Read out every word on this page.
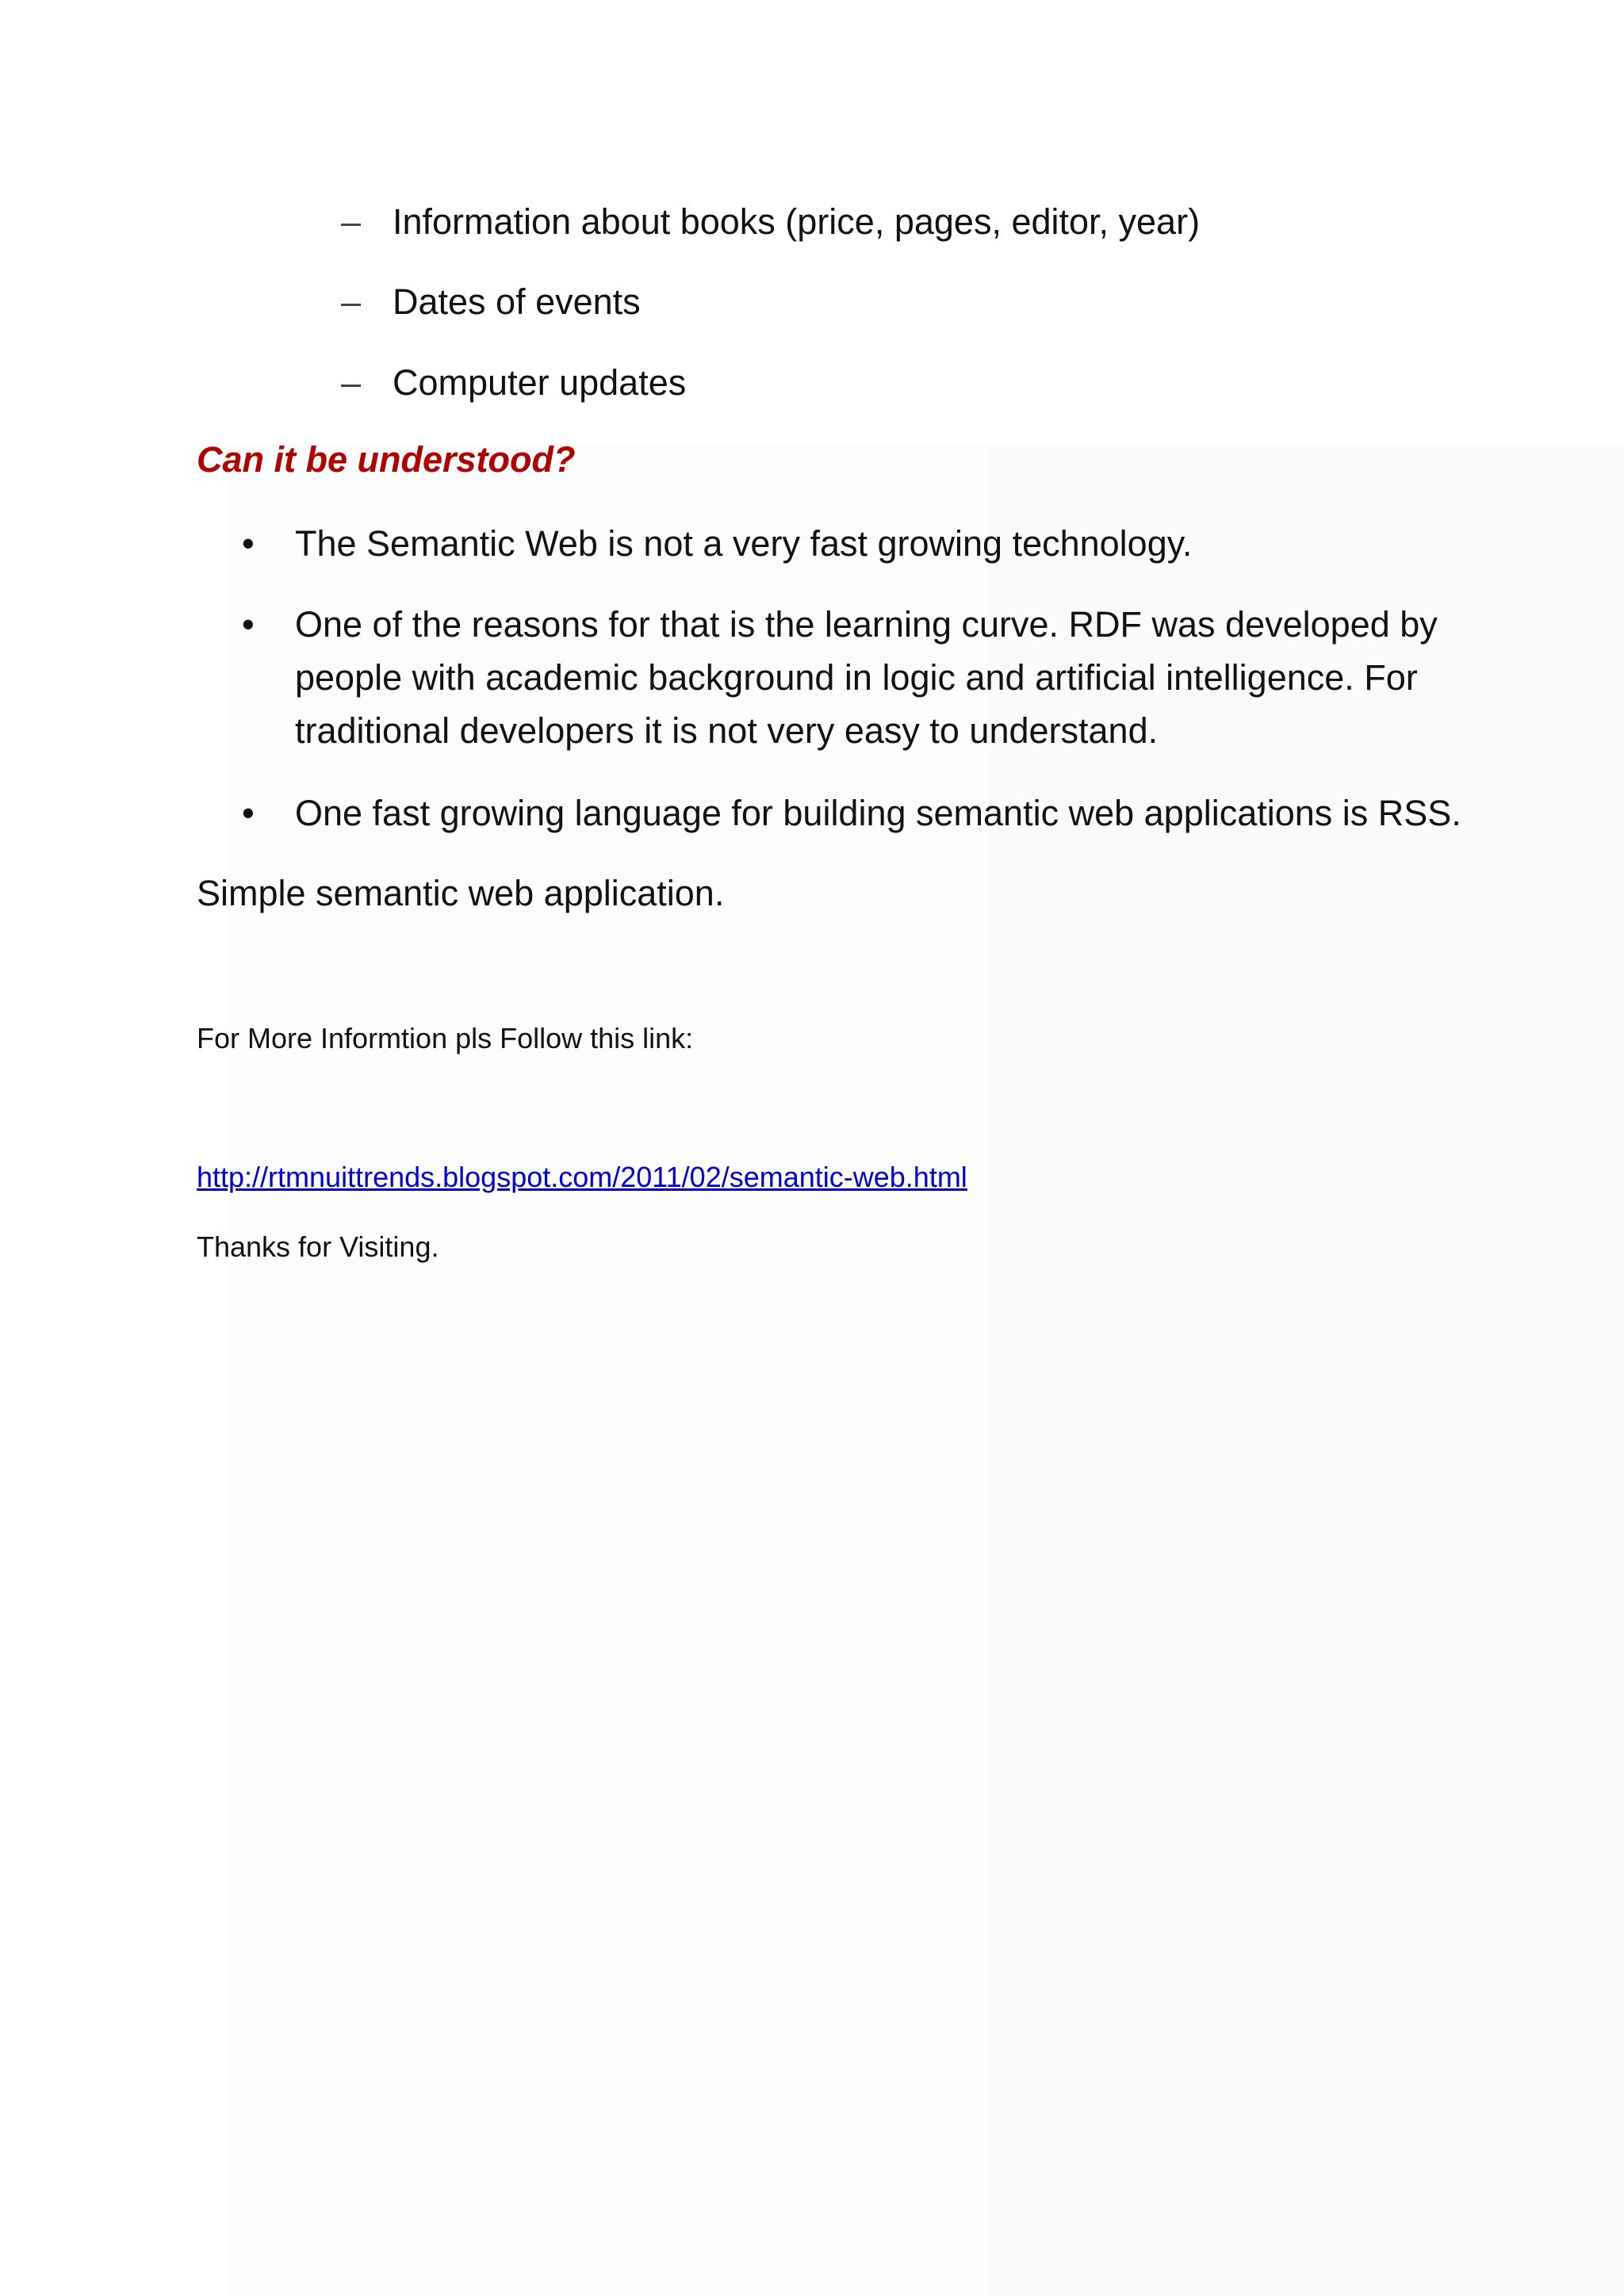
– Information about books (price, pages, editor, year)
– Dates of events
– Computer updates
Can it be understood?
•	The Semantic Web is not a very fast growing technology.
•	One of the reasons for that is the learning curve. RDF was developed by people with academic background in logic and artificial intelligence. For traditional developers it is not very easy to understand.
•	One fast growing language for building semantic web applications is RSS.
Simple semantic web application.
For More Informtion pls Follow this link:
http://rtmnuittrends.blogspot.com/2011/02/semantic-web.html
Thanks for Visiting.
